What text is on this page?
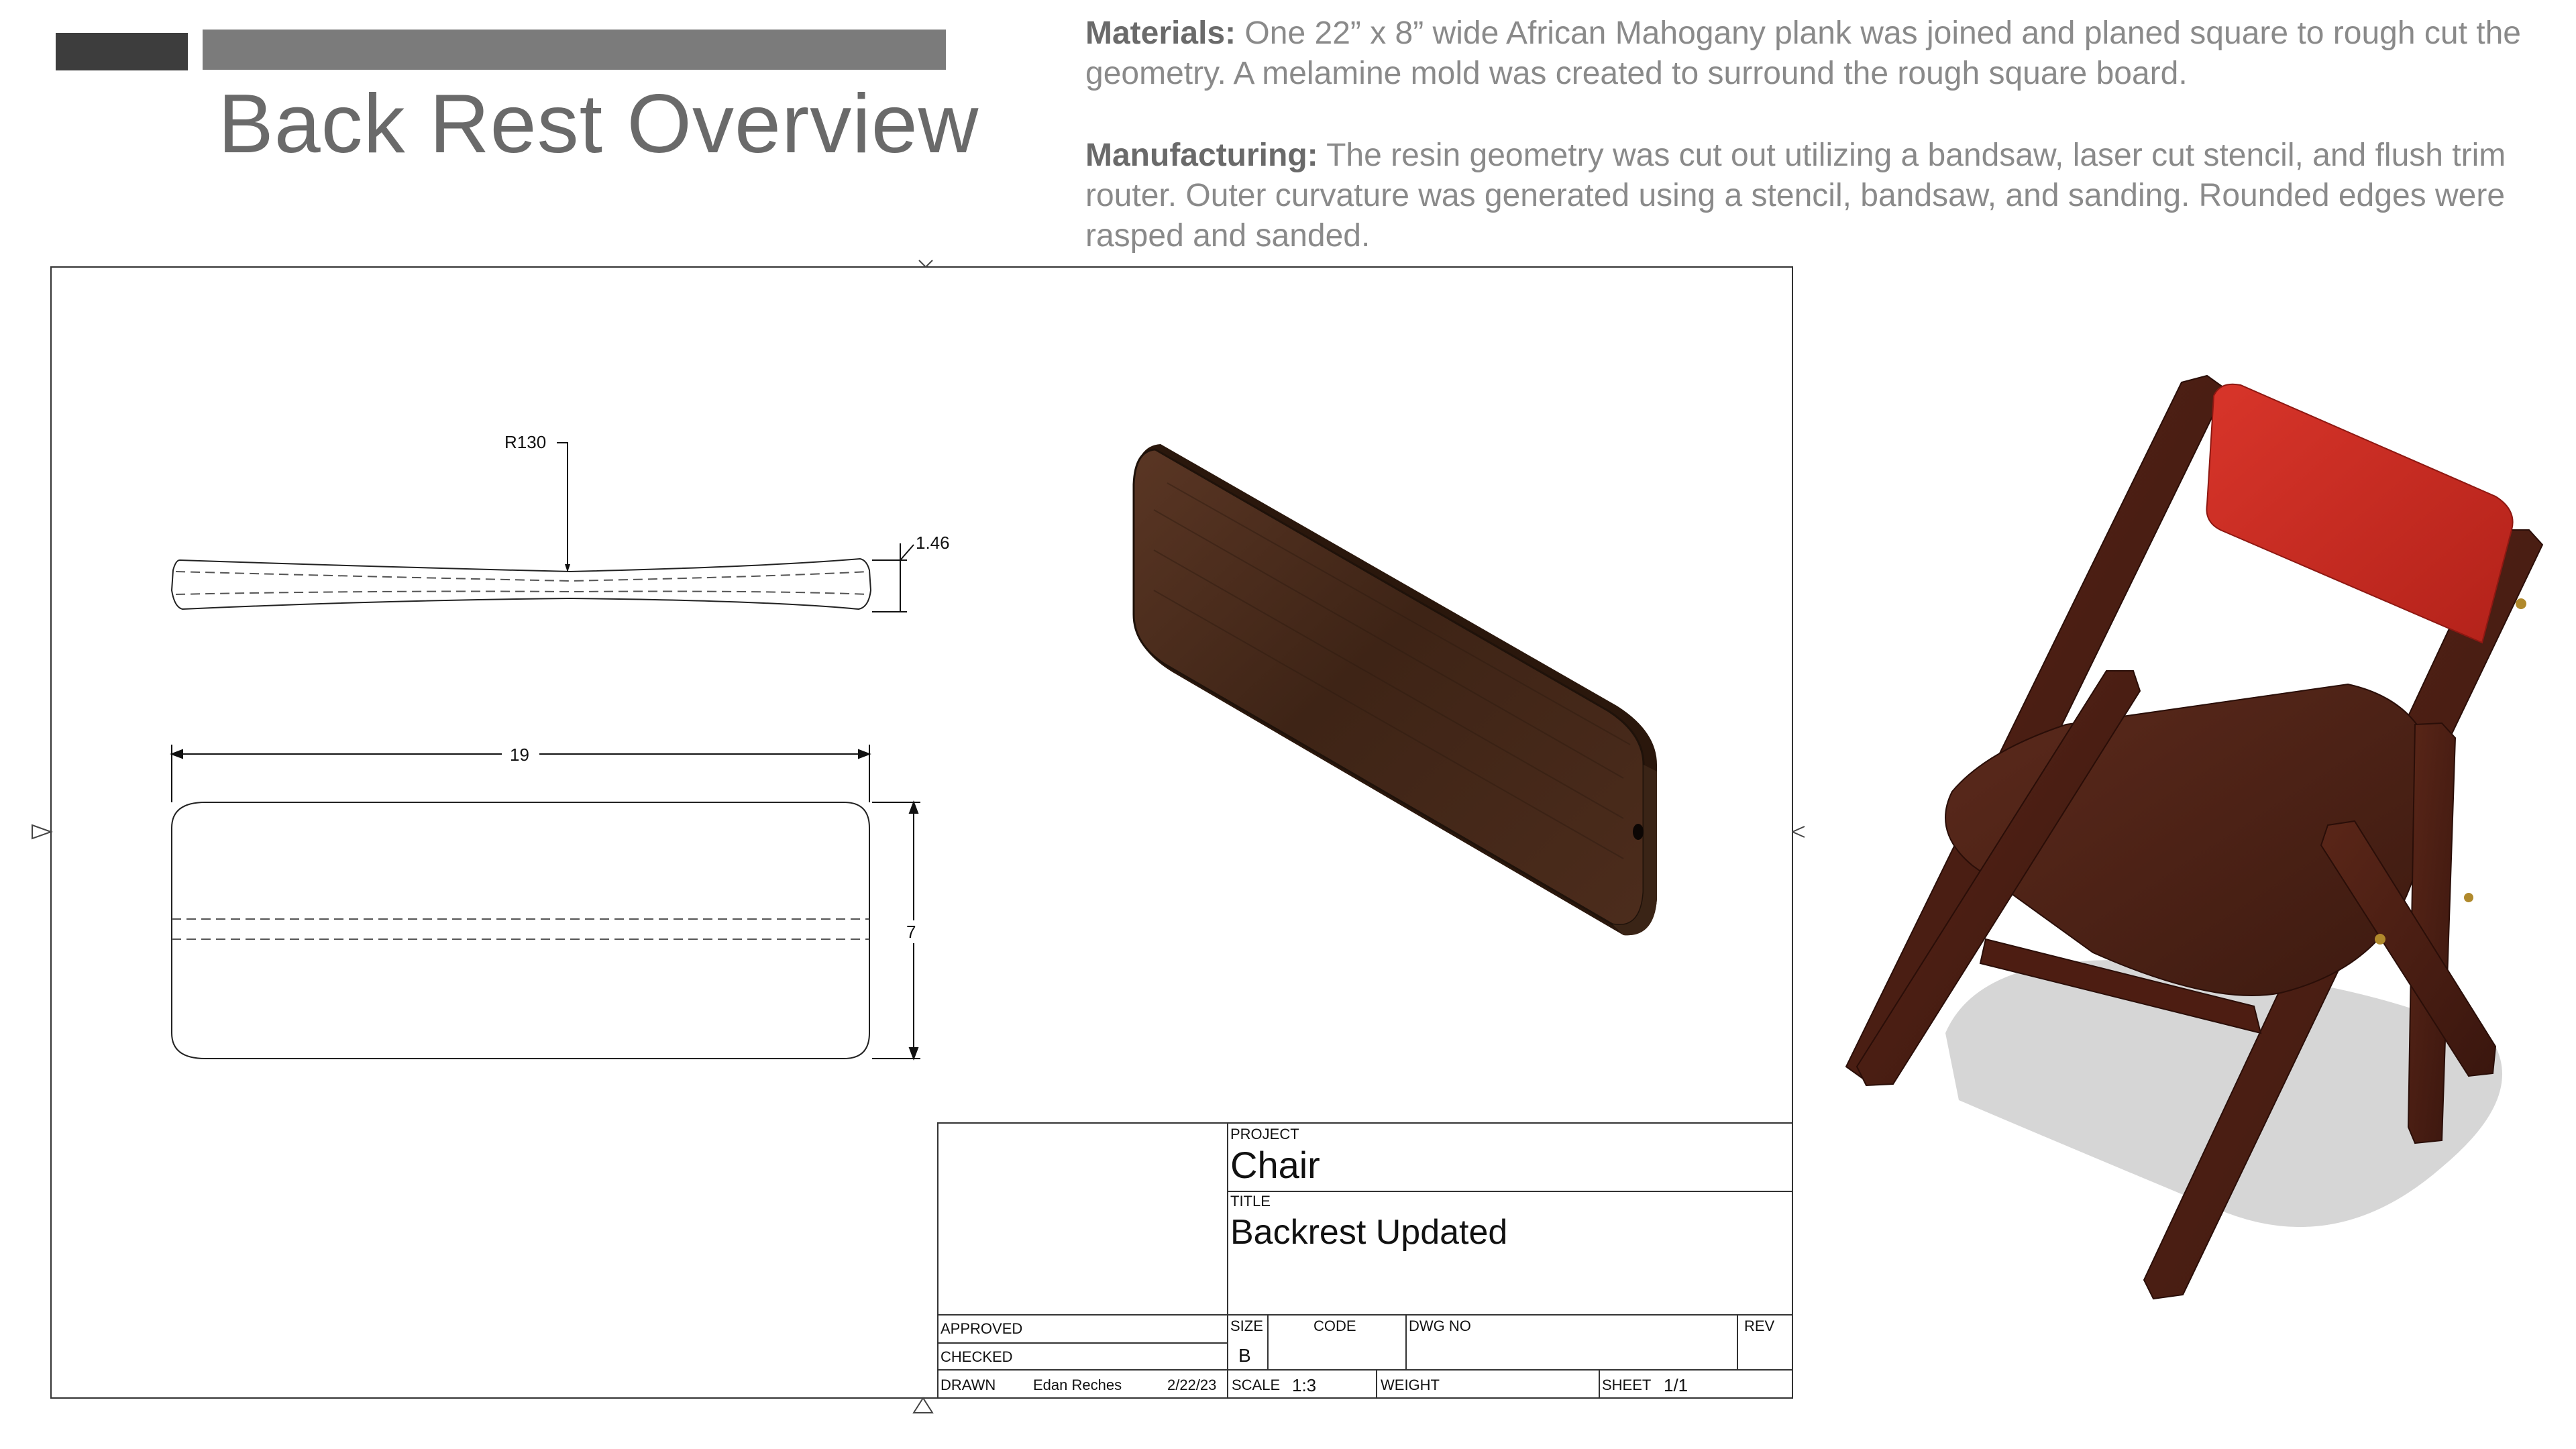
Back Rest Overview
Materials: One 22” x 8” wide African Mahogany plank was joined and planed square to rough cut the geometry. A melamine mold was created to surround the rough square board.
Manufacturing: The resin geometry was cut out utilizing a bandsaw, laser cut stencil, and flush trim router. Outer curvature was generated using a stencil, bandsaw, and sanding. Rounded edges were rasped and sanded.
R130
1.46
19
7
PROJECT
Chair
TITLE
Backrest Updated
APPROVED
CHECKED
DRAWN	Edan Reches	2/22/23
SIZE
B
CODE	DWG NO	REV
SCALE 1:3	WEIGHT	SHEET 1/1
